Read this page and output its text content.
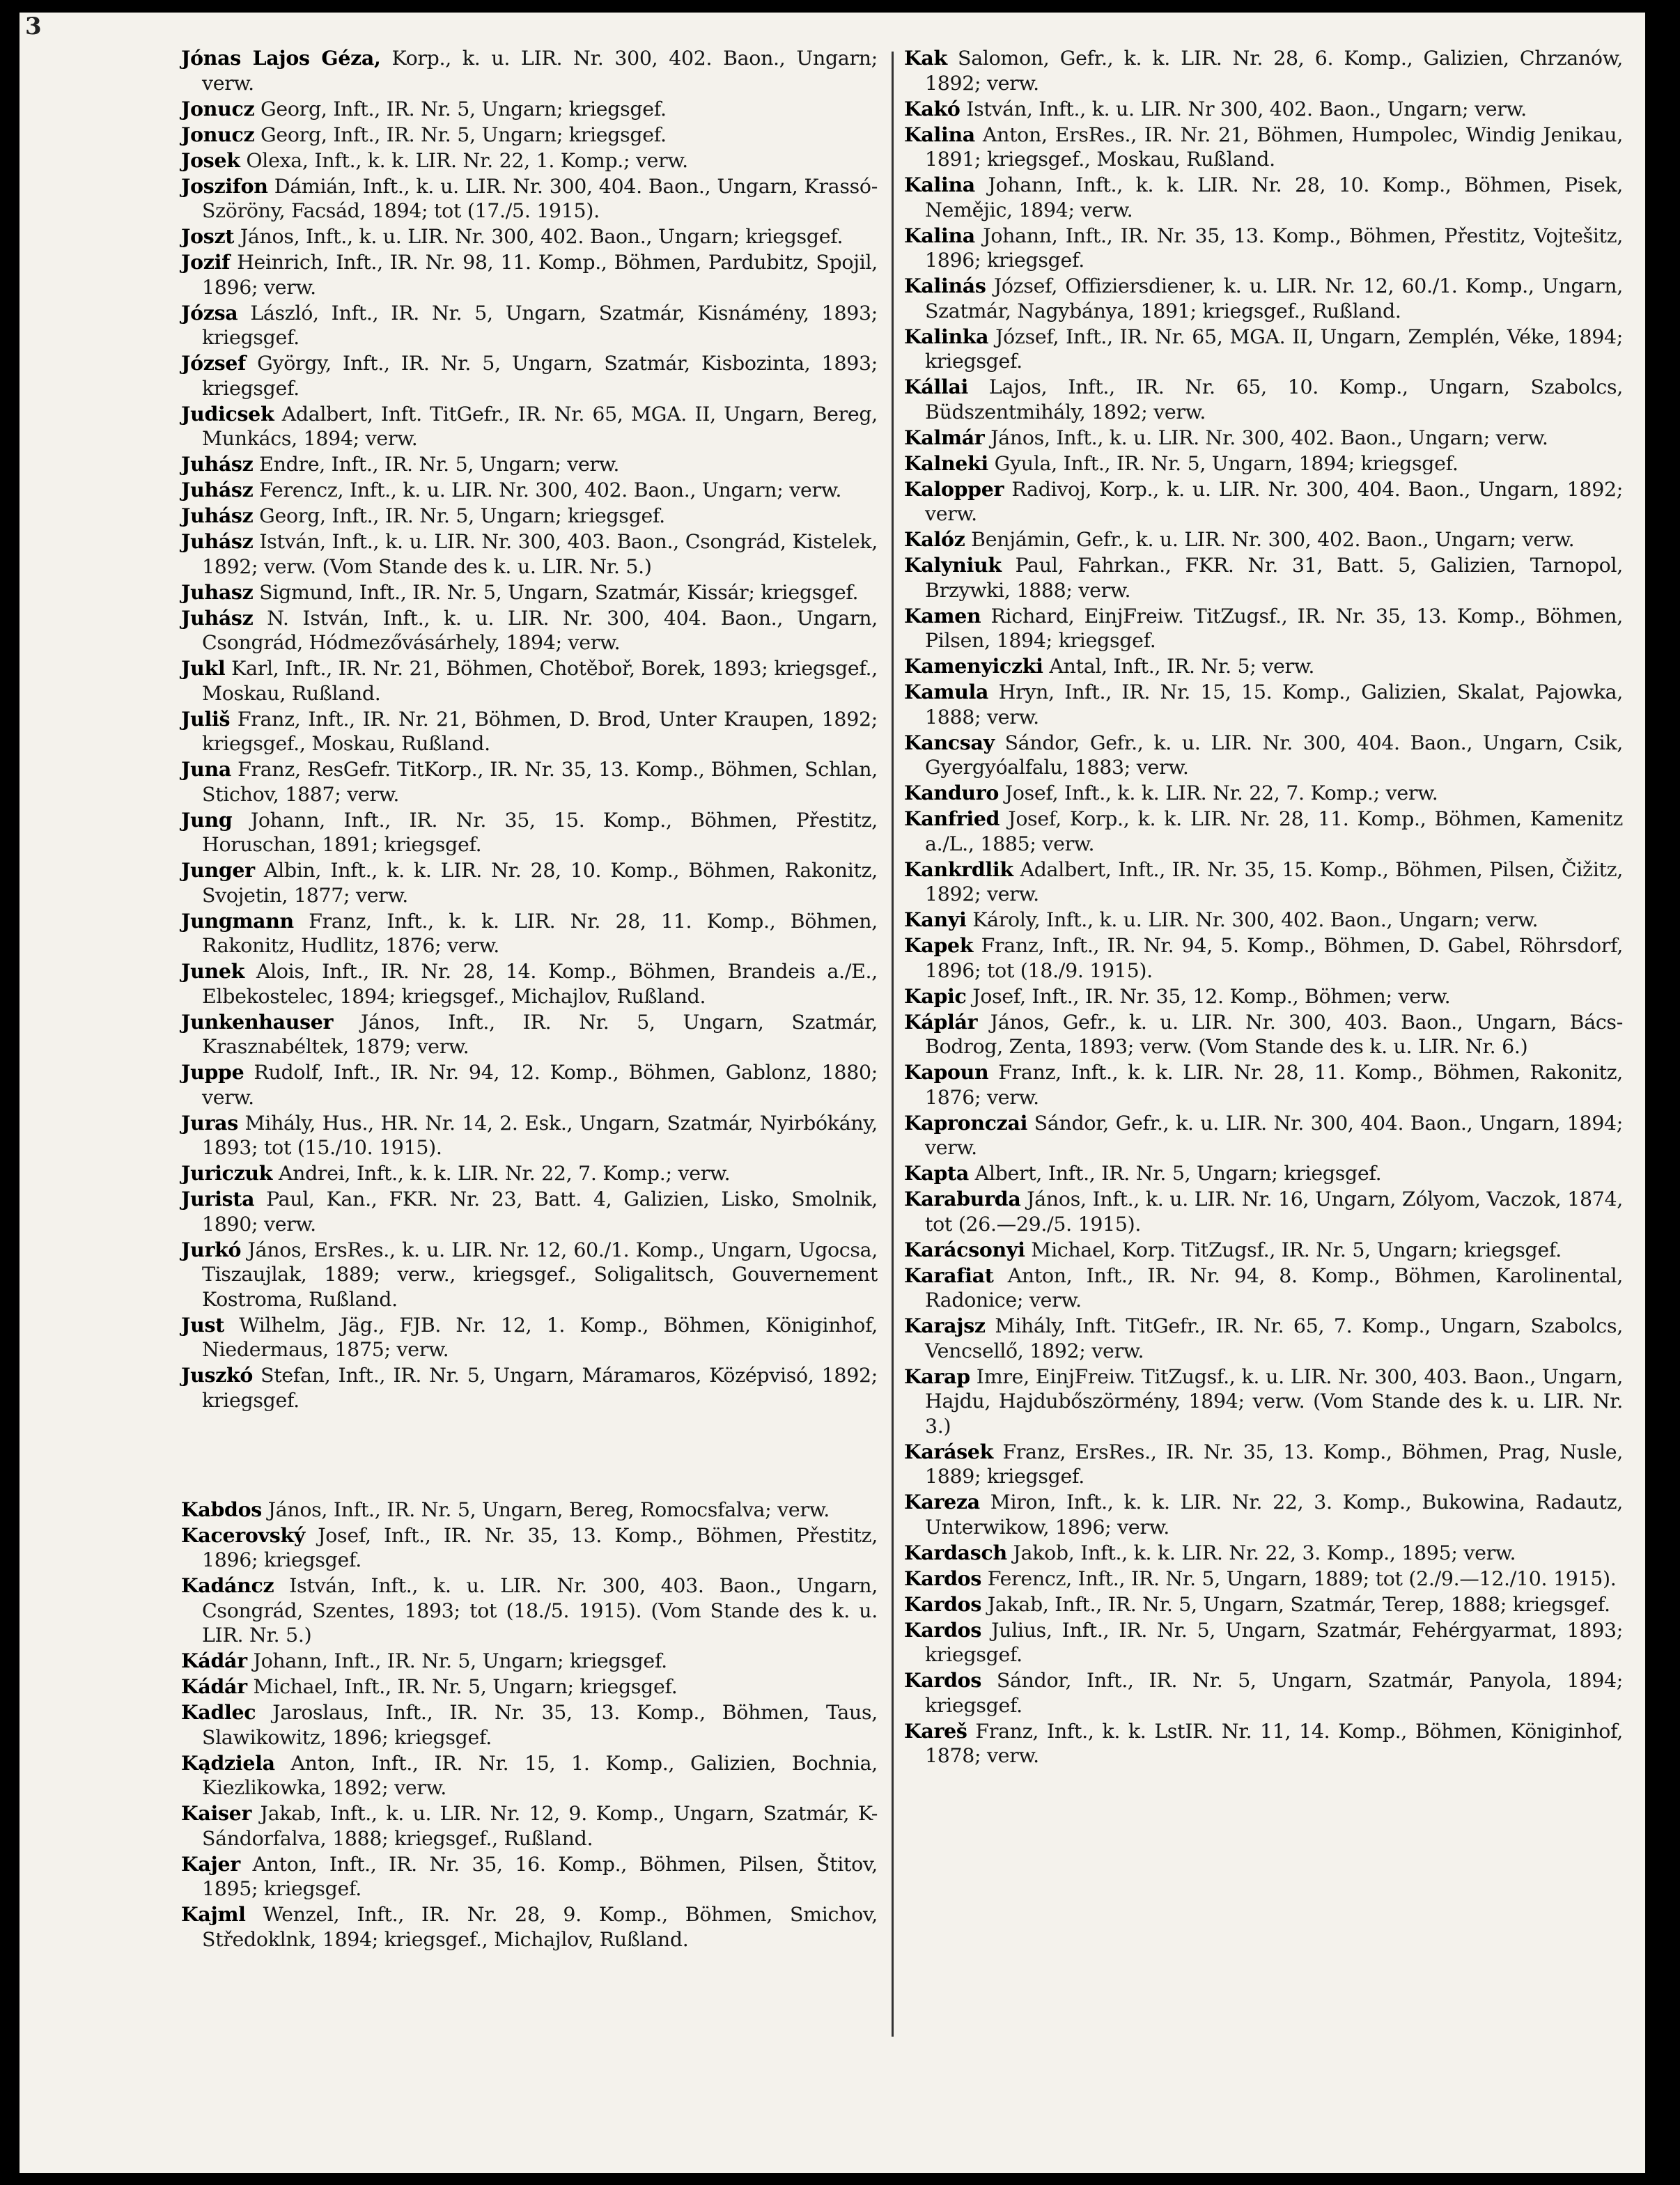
3

Jónas Lajos Géza, Korp., k. u. LIR. Nr. 300, 402. Baon., Ungarn; verw.

Jonucz Georg, Inft., IR. Nr. 5, Ungarn; kriegsgef.

Jonucz Georg, Inft., IR. Nr. 5, Ungarn; kriegsgef.

Josek Olexa, Inft., k. k. LIR. Nr. 22, 1. Komp.; verw.

Joszifon Dámián, Inft., k. u. LIR. Nr. 300, 404. Baon., Ungarn, Krassó-Szöröny, Facsád, 1894; tot (17./5. 1915).

Joszt János, Inft., k. u. LIR. Nr. 300, 402. Baon., Ungarn; kriegsgef.

Jozif Heinrich, Inft., IR. Nr. 98, 11. Komp., Böhmen, Pardubitz, Spojil, 1896; verw.

Józsa László, Inft., IR. Nr. 5, Ungarn, Szatmár, Kisnámény, 1893; kriegsgef.

József György, Inft., IR. Nr. 5, Ungarn, Szatmár, Kisbozinta, 1893; kriegsgef.

Judicsek Adalbert, Inft. TitGefr., IR. Nr. 65, MGA. II, Ungarn, Bereg, Munkács, 1894; verw.

Juhász Endre, Inft., IR. Nr. 5, Ungarn; verw.

Juhász Ferencz, Inft., k. u. LIR. Nr. 300, 402. Baon., Ungarn; verw.

Juhász Georg, Inft., IR. Nr. 5, Ungarn; kriegsgef.

Juhász István, Inft., k. u. LIR. Nr. 300, 403. Baon., Csongrád, Kistelek, 1892; verw. (Vom Stande des k. u. LIR. Nr. 5.)

Juhasz Sigmund, Inft., IR. Nr. 5, Ungarn, Szatmár, Kissár; kriegsgef.

Juhász N. István, Inft., k. u. LIR. Nr. 300, 404. Baon., Ungarn, Csongrád, Hódmezővásárhely, 1894; verw.

Jukl Karl, Inft., IR. Nr. 21, Böhmen, Chotěboř, Borek, 1893; kriegsgef., Moskau, Rußland.

Juliš Franz, Inft., IR. Nr. 21, Böhmen, D. Brod, Unter Kraupen, 1892; kriegsgef., Moskau, Rußland.

Juna Franz, ResGefr. TitKorp., IR. Nr. 35, 13. Komp., Böhmen, Schlan, Stichov, 1887; verw.

Jung Johann, Inft., IR. Nr. 35, 15. Komp., Böhmen, Přestitz, Horuschan, 1891; kriegsgef.

Junger Albin, Inft., k. k. LIR. Nr. 28, 10. Komp., Böhmen, Rakonitz, Svojetin, 1877; verw.

Jungmann Franz, Inft., k. k. LIR. Nr. 28, 11. Komp., Böhmen, Rakonitz, Hudlitz, 1876; verw.

Junek Alois, Inft., IR. Nr. 28, 14. Komp., Böhmen, Brandeis a./E., Elbekostelec, 1894; kriegsgef., Michajlov, Rußland.

Junkenhauser János, Inft., IR. Nr. 5, Ungarn, Szatmár, Krasznabéltek, 1879; verw.

Juppe Rudolf, Inft., IR. Nr. 94, 12. Komp., Böhmen, Gablonz, 1880; verw.

Juras Mihály, Hus., HR. Nr. 14, 2. Esk., Ungarn, Szatmár, Nyirbókány, 1893; tot (15./10. 1915).

Juriczuk Andrei, Inft., k. k. LIR. Nr. 22, 7. Komp.; verw.

Jurista Paul, Kan., FKR. Nr. 23, Batt. 4, Galizien, Lisko, Smolnik, 1890; verw.

Jurkó János, ErsRes., k. u. LIR. Nr. 12, 60./1. Komp., Ungarn, Ugocsa, Tiszaujlak, 1889; verw., kriegsgef., Soligalitsch, Gouvernement Kostroma, Rußland.

Just Wilhelm, Jäg., FJB. Nr. 12, 1. Komp., Böhmen, Königinhof, Niedermaus, 1875; verw.

Juszkó Stefan, Inft., IR. Nr. 5, Ungarn, Máramaros, Középvisó, 1892; kriegsgef.

Kabdos János, Inft., IR. Nr. 5, Ungarn, Bereg, Romocsfalva; verw.

Kacerovský Josef, Inft., IR. Nr. 35, 13. Komp., Böhmen, Přestitz, 1896; kriegsgef.

Kadáncz István, Inft., k. u. LIR. Nr. 300, 403. Baon., Ungarn, Csongrád, Szentes, 1893; tot (18./5. 1915). (Vom Stande des k. u. LIR. Nr. 5.)

Kádár Johann, Inft., IR. Nr. 5, Ungarn; kriegsgef.

Kádár Michael, Inft., IR. Nr. 5, Ungarn; kriegsgef.

Kadlec Jaroslaus, Inft., IR. Nr. 35, 13. Komp., Böhmen, Taus, Slawikowitz, 1896; kriegsgef.

Kądziela Anton, Inft., IR. Nr. 15, 1. Komp., Galizien, Bochnia, Kiezlikowka, 1892; verw.

Kaiser Jakab, Inft., k. u. LIR. Nr. 12, 9. Komp., Ungarn, Szatmár, K-Sándorfalva, 1888; kriegsgef., Rußland.

Kajer Anton, Inft., IR. Nr. 35, 16. Komp., Böhmen, Pilsen, Štitov, 1895; kriegsgef.

Kajml Wenzel, Inft., IR. Nr. 28, 9. Komp., Böhmen, Smichov, Středoklnk, 1894; kriegsgef., Michajlov, Rußland.

Kak Salomon, Gefr., k. k. LIR. Nr. 28, 6. Komp., Galizien, Chrzanów, 1892; verw.

Kakó István, Inft., k. u. LIR. Nr 300, 402. Baon., Ungarn; verw.

Kalina Anton, ErsRes., IR. Nr. 21, Böhmen, Humpolec, Windig Jenikau, 1891; kriegsgef., Moskau, Rußland.

Kalina Johann, Inft., k. k. LIR. Nr. 28, 10. Komp., Böhmen, Pisek, Nemějic, 1894; verw.

Kalina Johann, Inft., IR. Nr. 35, 13. Komp., Böhmen, Přestitz, Vojtešitz, 1896; kriegsgef.

Kalinás József, Offiziersdiener, k. u. LIR. Nr. 12, 60./1. Komp., Ungarn, Szatmár, Nagybánya, 1891; kriegsgef., Rußland.

Kalinka József, Inft., IR. Nr. 65, MGA. II, Ungarn, Zemplén, Véke, 1894; kriegsgef.

Kállai Lajos, Inft., IR. Nr. 65, 10. Komp., Ungarn, Szabolcs, Büdszentmihály, 1892; verw.

Kalmár János, Inft., k. u. LIR. Nr. 300, 402. Baon., Ungarn; verw.

Kalneki Gyula, Inft., IR. Nr. 5, Ungarn, 1894; kriegsgef.

Kalopper Radivoj, Korp., k. u. LIR. Nr. 300, 404. Baon., Ungarn, 1892; verw.

Kalóz Benjámin, Gefr., k. u. LIR. Nr. 300, 402. Baon., Ungarn; verw.

Kalyniuk Paul, Fahrkan., FKR. Nr. 31, Batt. 5, Galizien, Tarnopol, Brzywki, 1888; verw.

Kamen Richard, EinjFreiw. TitZugsf., IR. Nr. 35, 13. Komp., Böhmen, Pilsen, 1894; kriegsgef.

Kamenyiczki Antal, Inft., IR. Nr. 5; verw.

Kamula Hryn, Inft., IR. Nr. 15, 15. Komp., Galizien, Skalat, Pajowka, 1888; verw.

Kancsay Sándor, Gefr., k. u. LIR. Nr. 300, 404. Baon., Ungarn, Csik, Gyergyóalfalu, 1883; verw.

Kanduro Josef, Inft., k. k. LIR. Nr. 22, 7. Komp.; verw.

Kanfried Josef, Korp., k. k. LIR. Nr. 28, 11. Komp., Böhmen, Kamenitz a./L., 1885; verw.

Kankrdlik Adalbert, Inft., IR. Nr. 35, 15. Komp., Böhmen, Pilsen, Čižitz, 1892; verw.

Kanyi Károly, Inft., k. u. LIR. Nr. 300, 402. Baon., Ungarn; verw.

Kapek Franz, Inft., IR. Nr. 94, 5. Komp., Böhmen, D. Gabel, Röhrsdorf, 1896; tot (18./9. 1915).

Kapic Josef, Inft., IR. Nr. 35, 12. Komp., Böhmen; verw.

Káplár János, Gefr., k. u. LIR. Nr. 300, 403. Baon., Ungarn, Bács-Bodrog, Zenta, 1893; verw. (Vom Stande des k. u. LIR. Nr. 6.)

Kapoun Franz, Inft., k. k. LIR. Nr. 28, 11. Komp., Böhmen, Rakonitz, 1876; verw.

Kapronczai Sándor, Gefr., k. u. LIR. Nr. 300, 404. Baon., Ungarn, 1894; verw.

Kapta Albert, Inft., IR. Nr. 5, Ungarn; kriegsgef.

Karaburda János, Inft., k. u. LIR. Nr. 16, Ungarn, Zólyom, Vaczok, 1874, tot (26.—29./5. 1915).

Karácsonyi Michael, Korp. TitZugsf., IR. Nr. 5, Ungarn; kriegsgef.

Karafiat Anton, Inft., IR. Nr. 94, 8. Komp., Böhmen, Karolinental, Radonice; verw.

Karajsz Mihály, Inft. TitGefr., IR. Nr. 65, 7. Komp., Ungarn, Szabolcs, Vencsellő, 1892; verw.

Karap Imre, EinjFreiw. TitZugsf., k. u. LIR. Nr. 300, 403. Baon., Ungarn, Hajdu, Hajdubőszörmény, 1894; verw. (Vom Stande des k. u. LIR. Nr. 3.)

Karásek Franz, ErsRes., IR. Nr. 35, 13. Komp., Böhmen, Prag, Nusle, 1889; kriegsgef.

Kareza Miron, Inft., k. k. LIR. Nr. 22, 3. Komp., Bukowina, Radautz, Unterwikow, 1896; verw.

Kardasch Jakob, Inft., k. k. LIR. Nr. 22, 3. Komp., 1895; verw.

Kardos Ferencz, Inft., IR. Nr. 5, Ungarn, 1889; tot (2./9.—12./10. 1915).

Kardos Jakab, Inft., IR. Nr. 5, Ungarn, Szatmár, Terep, 1888; kriegsgef.

Kardos Julius, Inft., IR. Nr. 5, Ungarn, Szatmár, Fehérgyarmat, 1893; kriegsgef.

Kardos Sándor, Inft., IR. Nr. 5, Ungarn, Szatmár, Panyola, 1894; kriegsgef.

Kareš Franz, Inft., k. k. LstIR. Nr. 11, 14. Komp., Böhmen, Königinhof, 1878; verw.
